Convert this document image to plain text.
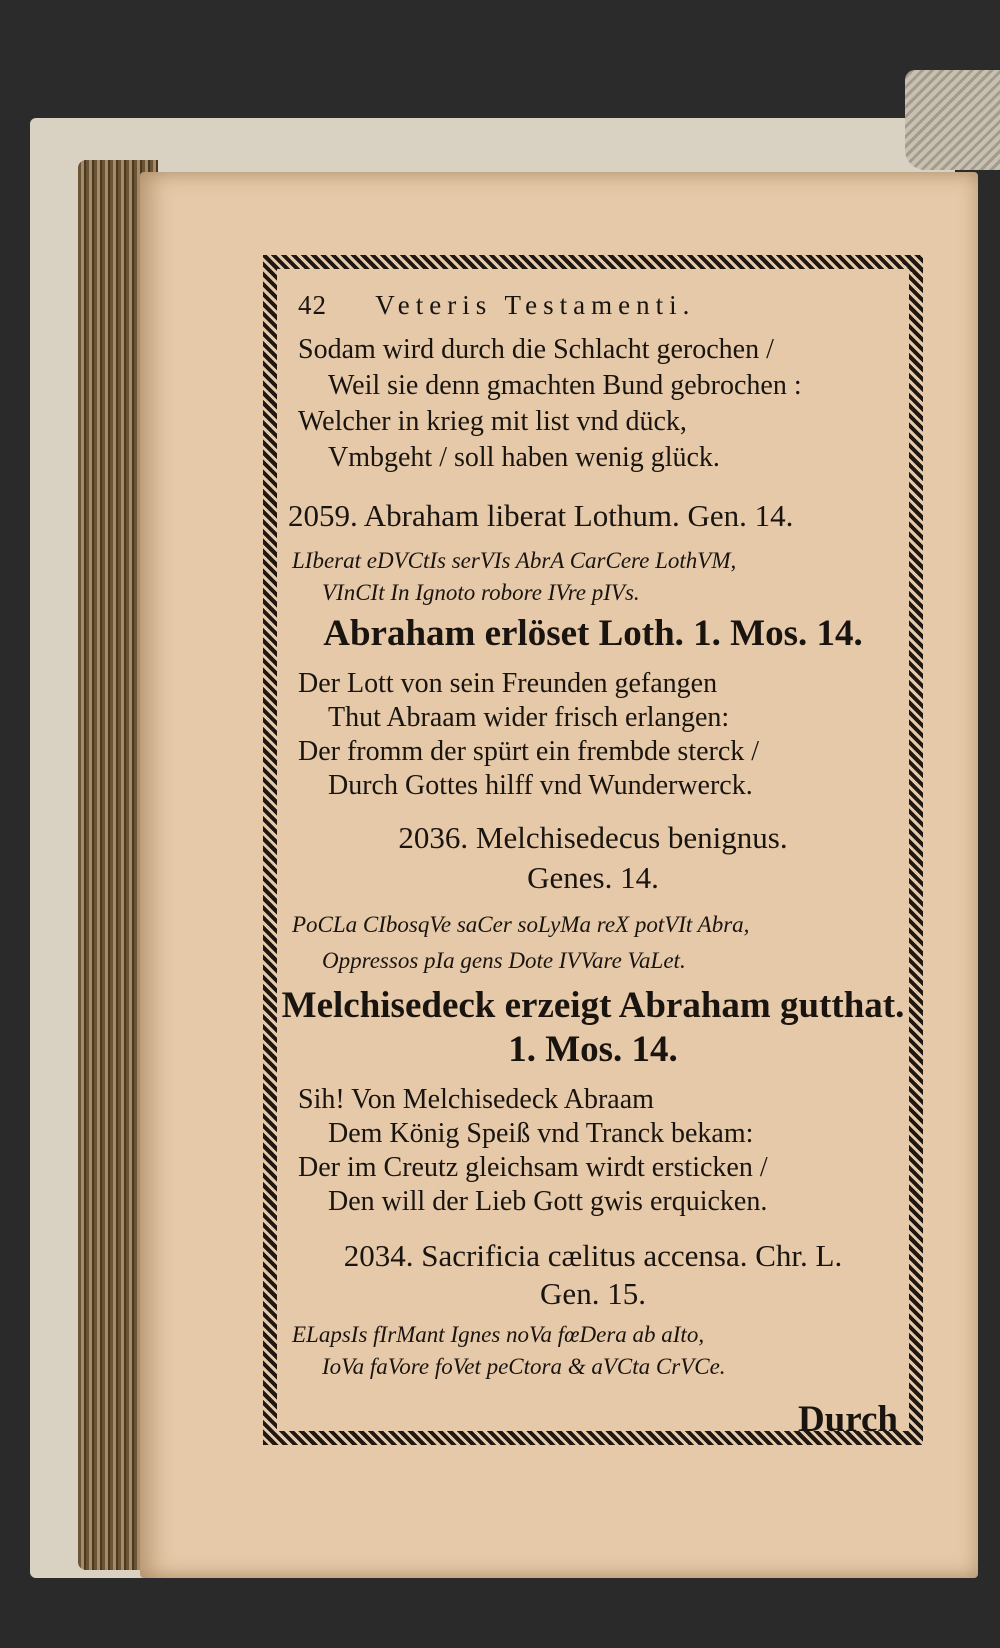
42 Veteris Testamenti.
Sodam wird durch die Schlacht gerochen /
Weil sie denn gmachten Bund gebrochen :
Welcher in krieg mit list vnd dück,
Vmbgeht / soll haben wenig glück.
2059. Abraham liberat Lothum. Gen. 14.
LIberat eDVCtIs serVIs AbrA CarCere LothVM,
VInCIt In Ignoto robore IVre pIVs.
Abraham erlöset Loth. 1. Mos. 14.
Der Lott von sein Freunden gefangen
Thut Abraam wider frisch erlangen:
Der fromm der spürt ein frembde sterck /
Durch Gottes hilff vnd Wunderwerck.
2036. Melchisedecus benignus.
Genes. 14.
PoCLa CIbosqVe saCer soLyMa reX potVIt Abra,
Oppressos pIa gens Dote IVVare VaLet.
Melchisedeck erzeigt Abraham gutthat.
1. Mos. 14.
Sih! Von Melchisedeck Abraam
Dem König Speiß vnd Tranck bekam:
Der im Creutz gleichsam wirdt ersticken /
Den will der Lieb Gott gwis erquicken.
2034. Sacrificia cælitus accensa. Chr. L.
Gen. 15.
ELapsIs fIrMant Ignes noVa fœDera ab aIto,
IoVa faVore foVet peCtora & aVCta CrVCe.
Durch
